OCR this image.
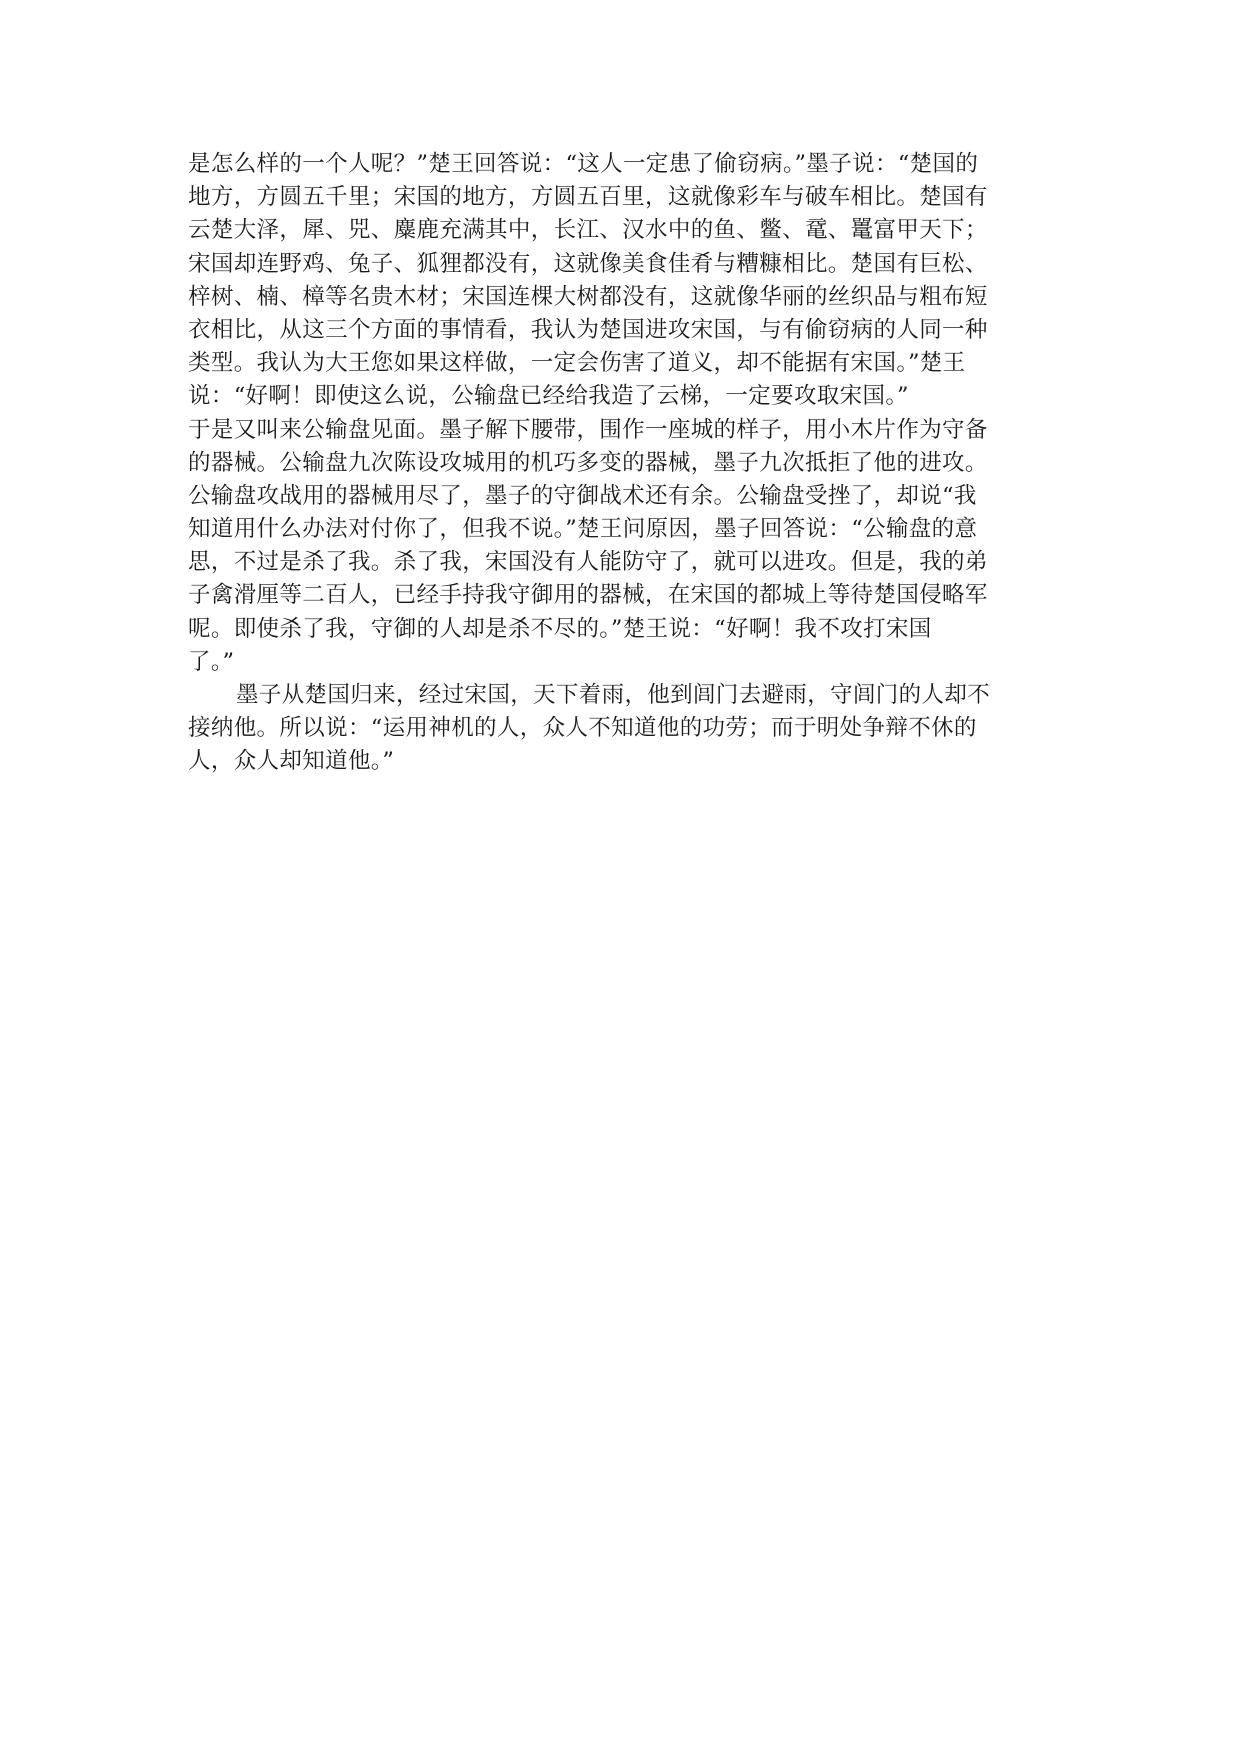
是怎么样的一个人呢？”楚王回答说：“这人一定患了偷窃病。”墨子说：“楚国的
地方，方圆五千里；宋国的地方，方圆五百里，这就像彩车与破车相比。楚国有
云楚大泽，犀、兕、麋鹿充满其中，长江、汉水中的鱼、鳖、鼋、鼍富甲天下；
宋国却连野鸡、兔子、狐狸都没有，这就像美食佳肴与糟糠相比。楚国有巨松、
梓树、楠、樟等名贵木材；宋国连棵大树都没有，这就像华丽的丝织品与粗布短
衣相比，从这三个方面的事情看，我认为楚国进攻宋国，与有偷窃病的人同一种
类型。我认为大王您如果这样做，一定会伤害了道义，却不能据有宋国。”楚王
说：“好啊！即使这么说，公输盘已经给我造了云梯，一定要攻取宋国。”
于是又叫来公输盘见面。墨子解下腰带，围作一座城的样子，用小木片作为守备
的器械。公输盘九次陈设攻城用的机巧多变的器械，墨子九次抵拒了他的进攻。
公输盘攻战用的器械用尽了，墨子的守御战术还有余。公输盘受挫了，却说“我
知道用什么办法对付你了，但我不说。”楚王问原因，墨子回答说：“公输盘的意
思，不过是杀了我。杀了我，宋国没有人能防守了，就可以进攻。但是，我的弟
子禽滑厘等二百人，已经手持我守御用的器械，在宋国的都城上等待楚国侵略军
呢。即使杀了我，守御的人却是杀不尽的。”楚王说：“好啊！我不攻打宋国
了。”
墨子从楚国归来，经过宋国，天下着雨，他到闾门去避雨，守闾门的人却不
接纳他。所以说：“运用神机的人，众人不知道他的功劳；而于明处争辩不休的
人，众人却知道他。”
